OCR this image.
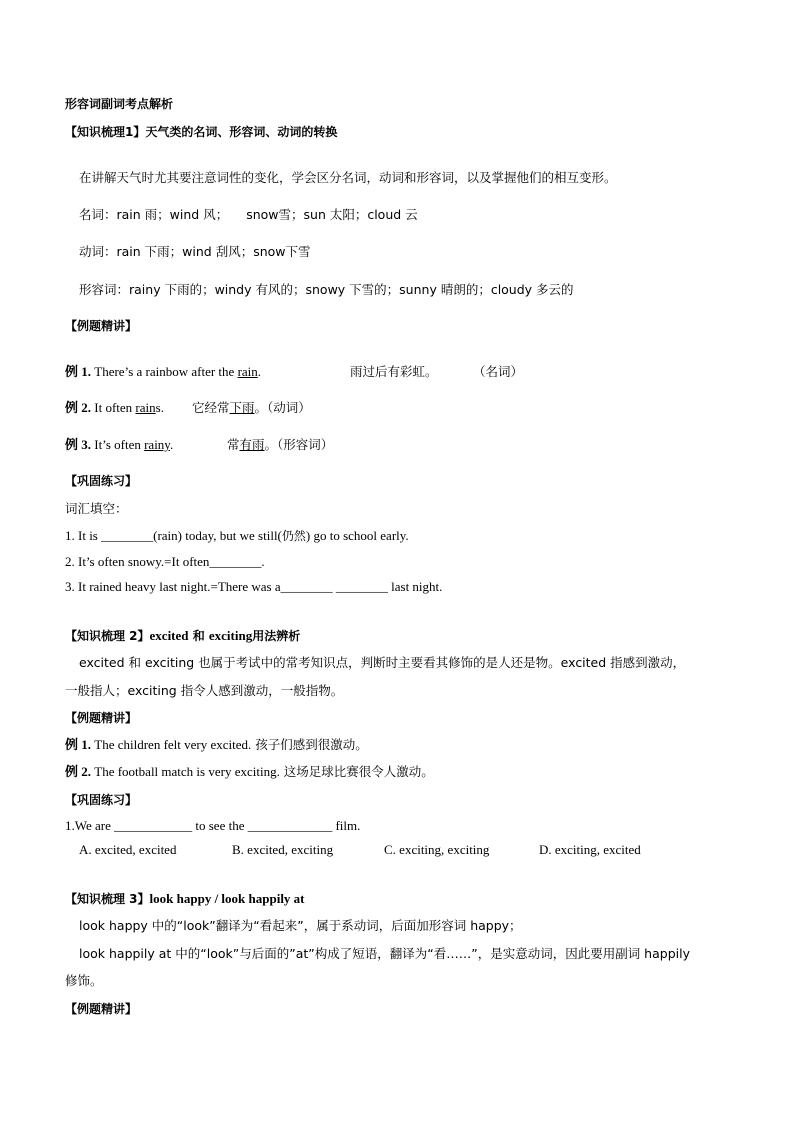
形容词副词考点解析
【知识梳理1】天气类的名词、形容词、动词的转换
在讲解天气时尤其要注意词性的变化，学会区分名词，动词和形容词，以及掌握他们的相互变形。
名词：rain 雨；wind 风； snow雪；sun 太阳；cloud 云
动词：rain 下雨；wind 刮风；snow下雪
形容词：rainy 下雨的；windy 有风的；snowy 下雪的；sunny 晴朗的；cloudy 多云的
【例题精讲】
例 1. There’s a rainbow after the rain.	雨过后有彩虹。	（名词）
例 2. It often rains. 它经常下雨。（动词）
例 3. It’s often rainy.	常有雨。（形容词）
【巩固练习】
词汇填空：
1. It is ________(rain) today, but we still(仍然) go to school early.
2. It’s often snowy.=It often________.
3. It rained heavy last night.=There was a________ ________ last night.
【知识梳理 2】excited 和 exciting用法辨析
excited 和 exciting 也属于考试中的常考知识点，判断时主要看其修饰的是人还是物。excited 指感到激动，
一般指人；exciting 指令人感到激动，一般指物。
【例题精讲】
例 1. The children felt very excited. 孩子们感到很激动。
例 2. The football match is very exciting. 这场足球比赛很令人激动。
【巩固练习】
1.We are ____________ to see the _____________ film.
A. excited, excited	B. excited, exciting	C. exciting, exciting	D. exciting, excited
【知识梳理 3】look happy / look happily at
look happy 中的“look”翻译为“看起来”，属于系动词，后面加形容词 happy；
look happily at 中的“look”与后面的”at”构成了短语，翻译为“看……”，是实意动词，因此要用副词 happily
修饰。
【例题精讲】
